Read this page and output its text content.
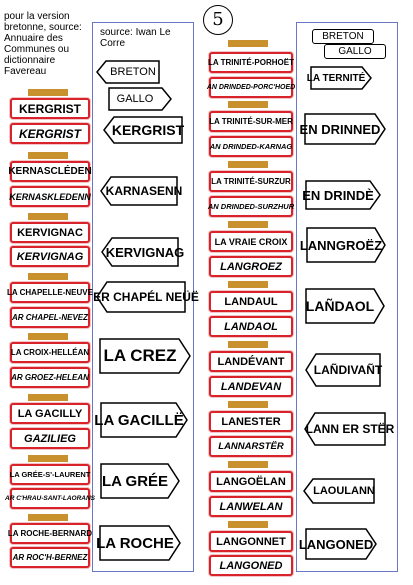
pour la version
bretonne, source:
Annuaire des
Communes ou
dictionnaire
Favereau
source: Iwan Le
Corre
5
KERGRIST
KERGRIST
KERNASCLÉDEN
KERNASKLEDENN
KERVIGNAC
KERVIGNAG
LA CHAPELLE-NEUVE
AR CHAPEL-NEVEZ
LA CROIX-HELLÉAN
AR GROEZ-HELEAN
LA GACILLY
GAZILIEG
LA GRÉE-S'-LAURENT
AR C'HRAU-SANT-LAORANS
LA ROCHE-BERNARD
AR ROC'H-BERNEZ
LA TRINITÉ-PORHOËT
AN DRINDED-PORC'HOED
LA TRINITÉ-SUR-MER
AN DRINDED-KARNAG
LA TRINITÉ-SURZUR
AN DRINDED-SURZHUR
LA VRAIE CROIX
LANGROEZ
LANDAUL
LANDAOL
LANDÉVANT
LANDEVAN
LANESTER
LANNARSTËR
LANGOËLAN
LANWELAN
LANGONNET
LANGONED
BRETON
GALLO
KERGRIST
KARNASENN
KERVIGNAG
ER CHAPÉL NEÜË
LA CREZ
LA GACILLË
LA GRÉE
LA ROCHE
BRETON
GALLO
LA TERNITÉ
EN DRINNED
EN DRINDÈ
LANNGROËZ
LAÑDAOL
LAÑDIVAÑT
LANN ER STËR
LAOULANN
LANGONED
